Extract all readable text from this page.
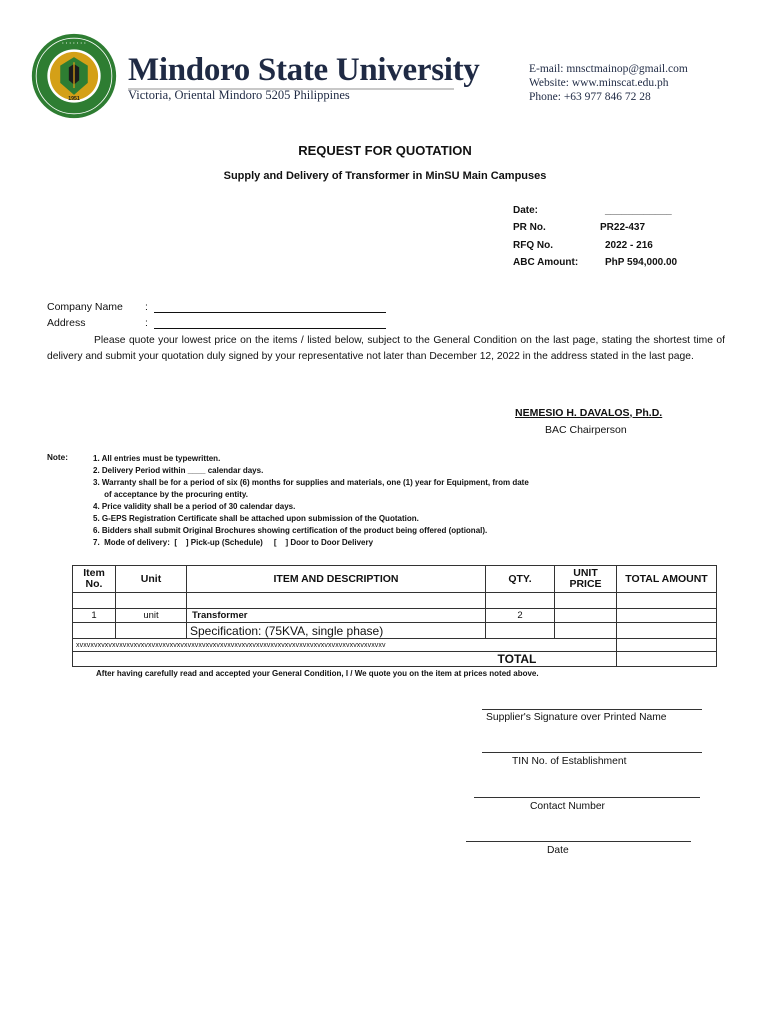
· · · · · · ·
1951
Mindoro State University
Victoria, Oriental Mindoro 5205 Philippines
E-mail: mnsctmainop@gmail.com
Website: www.minscat.edu.ph
Phone: +63 977 846 72 28
REQUEST FOR QUOTATION
Supply and Delivery of Transformer in MinSU Main Campuses
Date:	____________
PR No.	PR22-437
RFQ No.	2022 - 216
ABC Amount:	PhP 594,000.00
Company Name :
Address	:

Please quote your lowest price on the items / listed below, subject to the General Condition on the last page, stating the shortest time of delivery and submit your quotation duly signed by your representative not later than December 12, 2022 in the address stated in the last page.

NEMESIO H. DAVALOS, Ph.D.
BAC Chairperson
Note:	1. All entries must be typewritten.
2. Delivery Period within ____ calendar days.
3. Warranty shall be for a period of six (6) months for supplies and materials, one (1) year for Equipment, from date
of acceptance by the procuring entity.
4. Price validity shall be a period of 30 calendar days.
5. G-EPS Registration Certificate shall be attached upon submission of the Quotation.
6. Bidders shall submit Original Brochures showing certification of the product being offered (optional).
7.  Mode of delivery:  [    ] Pick-up (Schedule)     [    ] Door to Door Delivery
Item No.	Unit	ITEM AND DESCRIPTION	QTY.	UNIT PRICE	TOTAL AMOUNT

1	unit	Transformer	2		
		Specification: (75KVA, single phase)			
xvxvxvxvxvxvxvxvxvxvxvxvxvxvxvxvxvxvxvxvxvxvxvxvxvxvxvxvxvxvxvxvxvxvxvxvxvxvxvxvxvxvxv					
			TOTAL		
After having carefully read and accepted your General Condition, I / We quote you on the item at prices noted above.
Supplier's Signature over Printed Name
TIN No. of Establishment
Contact Number
Date
